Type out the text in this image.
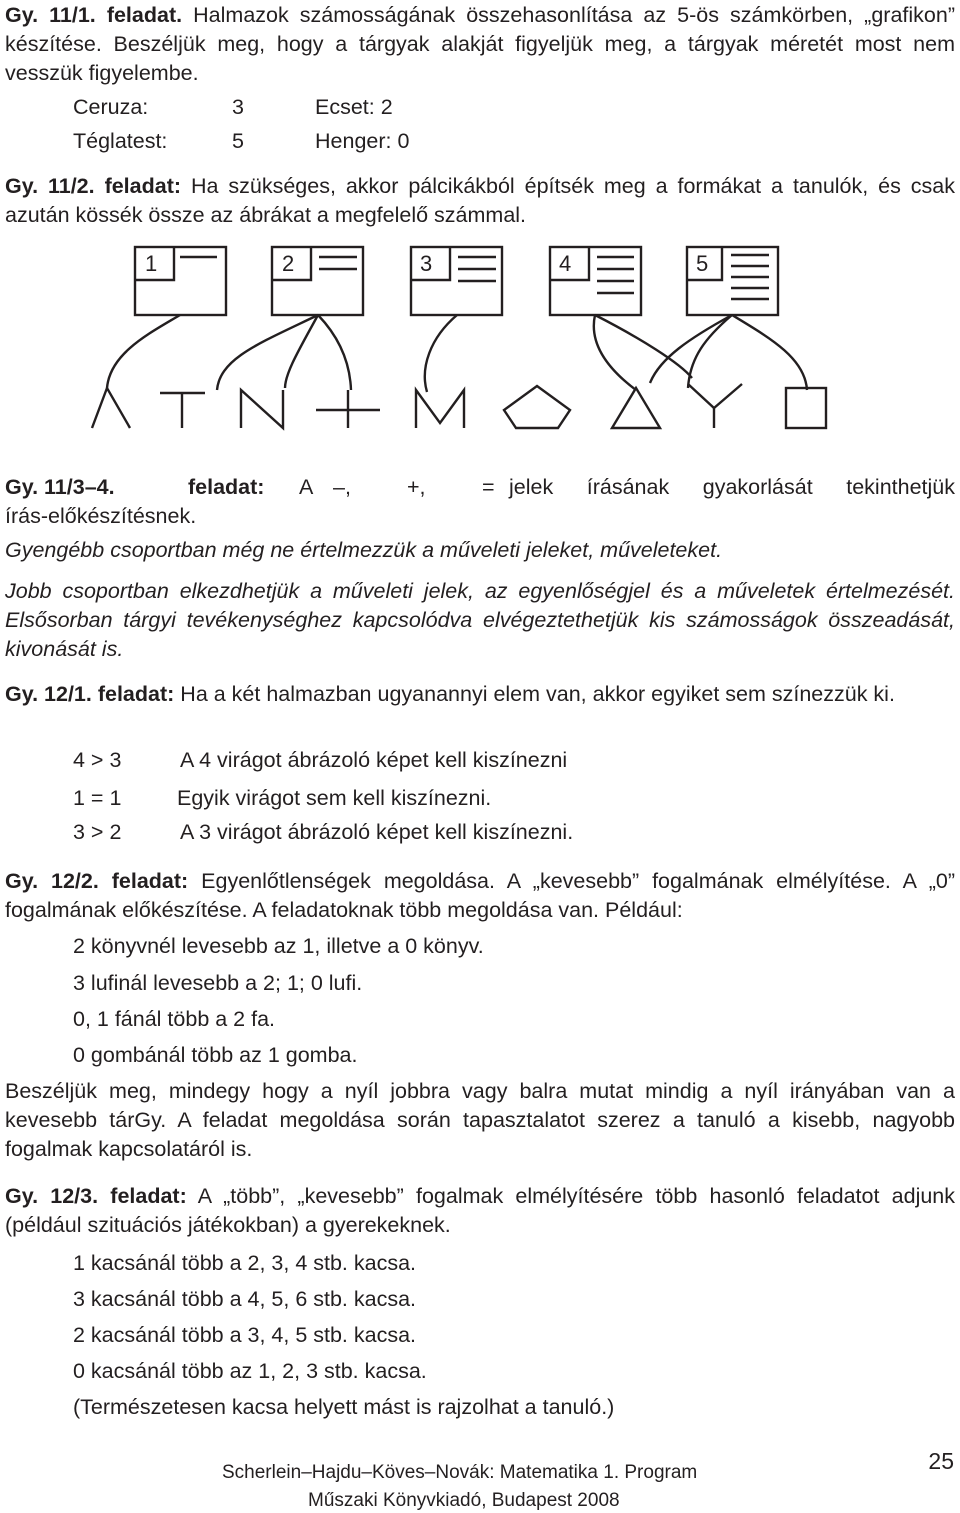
Gy. 11/1. feladat. Halmazok számosságának összehasonlítása az 5-ös számkörben, „grafikon” készítése. Beszéljük meg, hogy a tárgyak alakját figyeljük meg, a tárgyak méretét most nem vesszük figyelembe.
Ceruza:	3	Ecset: 2
Téglatest:	5	Henger: 0
Gy. 11/2. feladat: Ha szükséges, akkor pálcikákból építsék meg a formákat a tanulók, és csak azután kössék össze az ábrákat a megfelelő számmal.
1	2	3	4	5
Gy. 11/3–4.	feladat: A –,	+,	= jelek írásának gyakorlását tekinthetjük
írás-előkészítésnek.
Gyengébb csoportban még ne értelmezzük a műveleti jeleket, műveleteket.
Jobb csoportban elkezdhetjük a műveleti jelek, az egyenlőségjel és a műveletek értelmezését. Elsősorban tárgyi tevékenységhez kapcsolódva elvégeztethetjük kis számosságok összeadását, kivonását is.
Gy. 12/1. feladat: Ha a két halmazban ugyanannyi elem van, akkor egyiket sem színezzük ki.
4 > 3	A 4 virágot ábrázoló képet kell kiszínezni
1 = 1	Egyik virágot sem kell kiszínezni.
3 > 2	A 3 virágot ábrázoló képet kell kiszínezni.
Gy. 12/2. feladat: Egyenlőtlenségek megoldása. A „kevesebb” fogalmának elmélyítése. A „0” fogalmának előkészítése. A feladatoknak több megoldása van. Például:
2 könyvnél levesebb az 1, illetve a 0 könyv.
3 lufinál levesebb a 2; 1; 0 lufi.
0, 1 fánál több a 2 fa.
0 gombánál több az 1 gomba.
Beszéljük meg, mindegy hogy a nyíl jobbra vagy balra mutat mindig a nyíl irányában van a kevesebb tárGy. A feladat megoldása során tapasztalatot szerez a tanuló a kisebb, nagyobb fogalmak kapcsolatáról is.
Gy. 12/3. feladat: A „több”, „kevesebb” fogalmak elmélyítésére több hasonló feladatot adjunk (például szituációs játékokban) a gyerekeknek.
1 kacsánál több a 2, 3, 4 stb. kacsa.
3 kacsánál több a 4, 5, 6 stb. kacsa.
2 kacsánál több a 3, 4, 5 stb. kacsa.
0 kacsánál több az 1, 2, 3 stb. kacsa.
(Természetesen kacsa helyett mást is rajzolhat a tanuló.)
Scherlein–Hajdu–Köves–Novák: Matematika 1. Program
Műszaki Könyvkiadó, Budapest 2008
25
